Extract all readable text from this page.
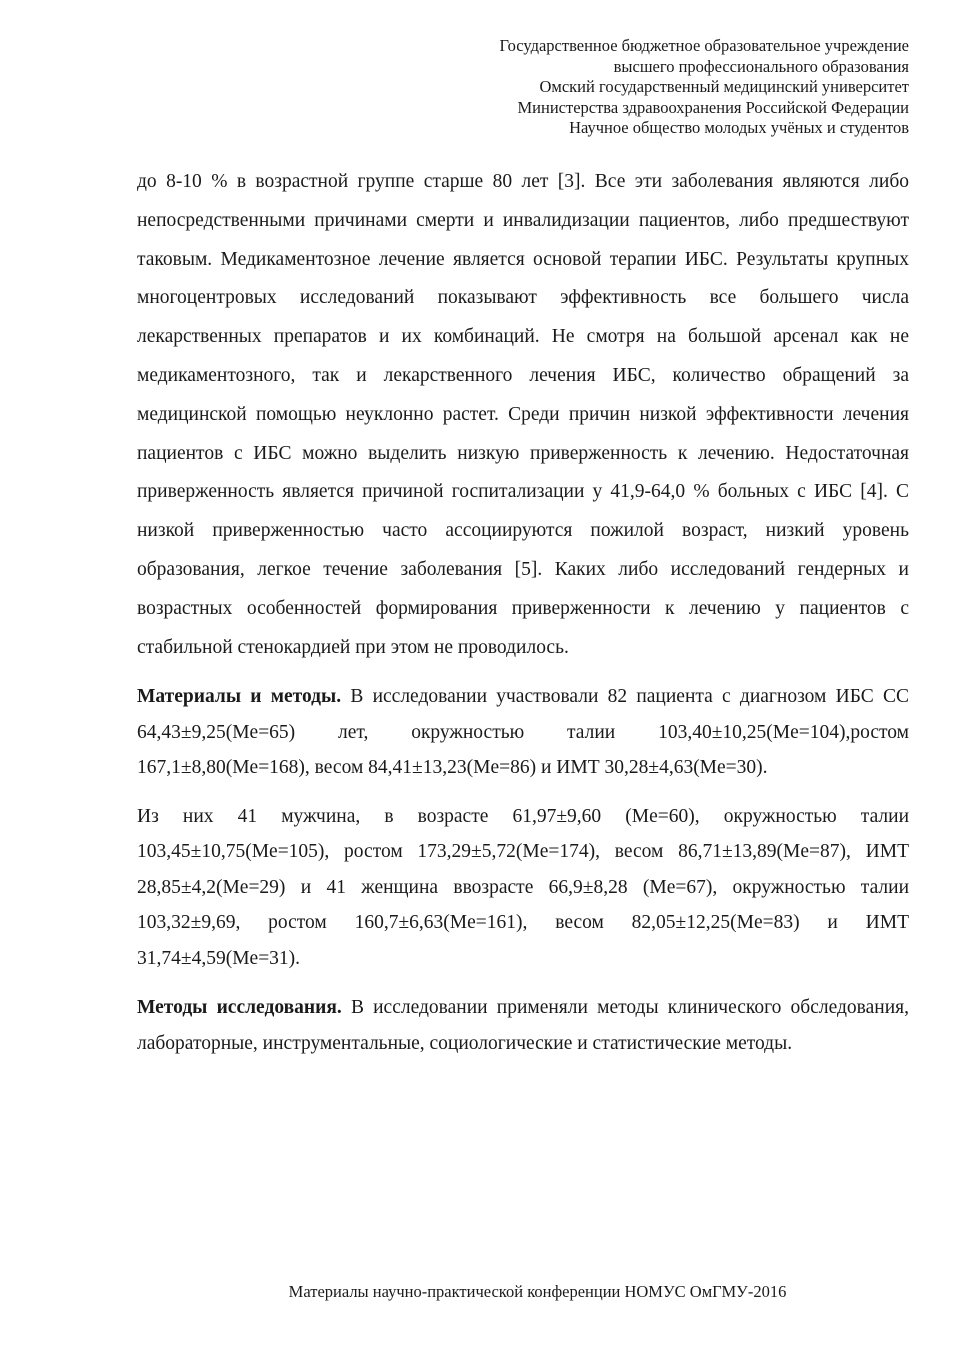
Государственное бюджетное образовательное учреждение
высшего профессионального образования
Омский государственный медицинский университет
Министерства здравоохранения Российской Федерации
Научное общество молодых учёных и студентов

до 8-10 % в возрастной группе старше 80 лет [3]. Все эти заболевания являются либо непосредственными причинами смерти и инвалидизации пациентов, либо предшествуют таковым. Медикаментозное лечение является основой терапии ИБС. Результаты крупных многоцентровых исследований показывают эффективность все большего числа лекарственных препаратов и их комбинаций. Не смотря на большой арсенал как не медикаментозного, так и лекарственного лечения ИБС, количество обращений за медицинской помощью неуклонно растет. Среди причин низкой эффективности лечения пациентов с ИБС можно выделить низкую приверженность к лечению. Недостаточная приверженность является причиной госпитализации у 41,9-64,0 % больных с ИБС [4]. С низкой приверженностью часто ассоциируются пожилой возраст, низкий уровень образования, легкое течение заболевания [5]. Каких либо исследований гендерных и возрастных особенностей формирования приверженности к лечению у пациентов с стабильной стенокардией при этом не проводилось.

Материалы и методы. В исследовании участвовали 82 пациента с диагнозом ИБС СС 64,43±9,25(Me=65) лет, окружностью талии 103,40±10,25(Me=104),ростом 167,1±8,80(Me=168), весом 84,41±13,23(Me=86) и ИМТ 30,28±4,63(Me=30).

Из них 41 мужчина, в возрасте 61,97±9,60 (Me=60), окружностью талии 103,45±10,75(Me=105), ростом 173,29±5,72(Me=174), весом 86,71±13,89(Me=87), ИМТ 28,85±4,2(Me=29) и 41 женщина ввозрасте 66,9±8,28 (Me=67), окружностью талии 103,32±9,69, ростом 160,7±6,63(Me=161), весом 82,05±12,25(Me=83) и ИМТ 31,74±4,59(Me=31).

Методы исследования. В исследовании применяли методы клинического обследования, лабораторные, инструментальные, социологические и статистические методы.

Материалы научно-практической конференции НОМУС ОмГМУ-2016
